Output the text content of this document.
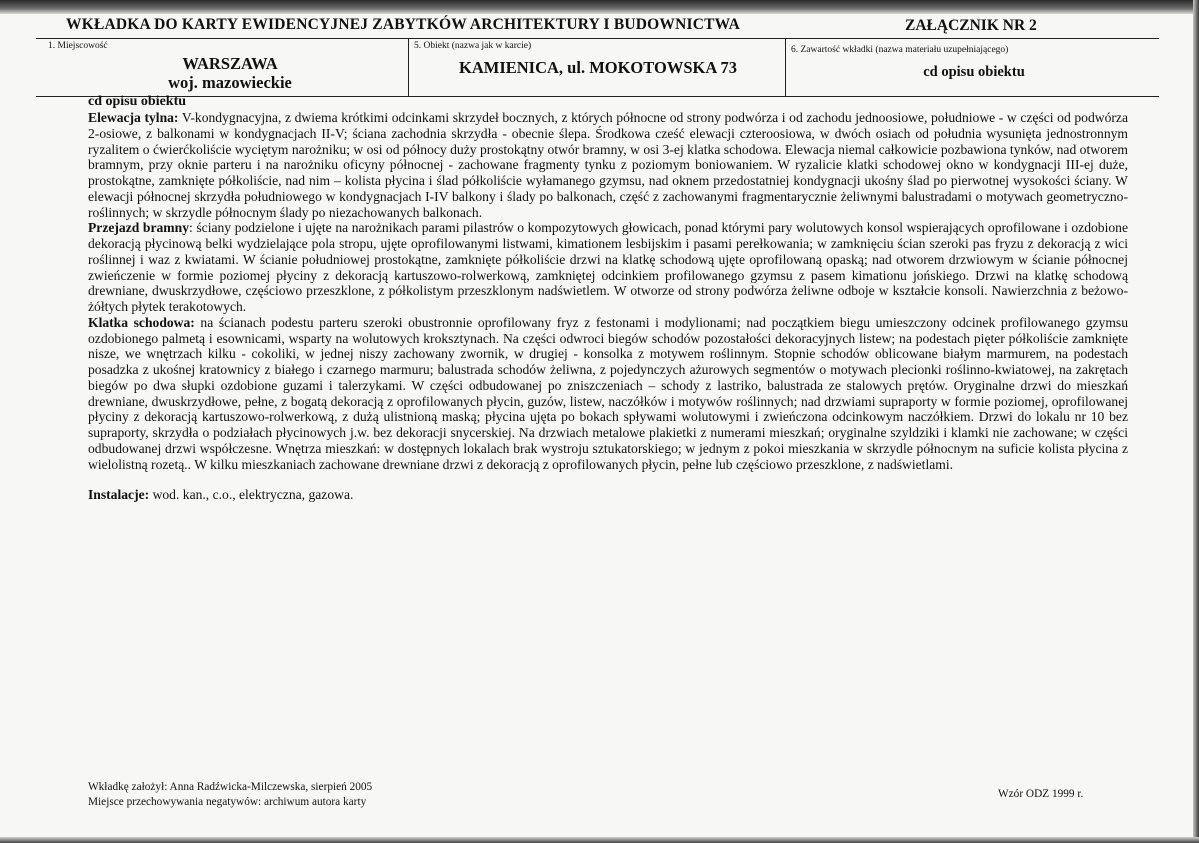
WKŁADKA DO KARTY EWIDENCYJNEJ ZABYTKÓW ARCHITEKTURY I BUDOWNICTWA	ZAŁĄCZNIK NR 2
1. Miejscowość
WARSZAWA
woj. mazowieckie
5. Obiekt (nazwa jak w karcie)
KAMIENICA, ul. MOKOTOWSKA 73
6. Zawartość wkładki (nazwa materiału uzupełniającego)
cd opisu obiektu
cd opisu obiektu

Elewacja tylna: V-kondygnacyjna, z dwiema krótkimi odcinkami skrzydeł bocznych, z których północne od strony podwórza i od zachodu jednoosiowe, południowe - w części od podwórza 2-osiowe, z balkonami w kondygnacjach II-V; ściana zachodnia skrzydła - obecnie ślepa. Środkowa cześć elewacji czteroosiowa, w dwóch osiach od południa wysunięta jednostronnym ryzalitem o ćwierćkoliście wyciętym narożniku; w osi od północy duży prostokątny otwór bramny, w osi 3-ej klatka schodowa. Elewacja niemal całkowicie pozbawiona tynków, nad otworem bramnym, przy oknie parteru i na narożniku oficyny północnej - zachowane fragmenty tynku z poziomym boniowaniem. W ryzalicie klatki schodowej okno w kondygnacji III-ej duże, prostokątne, zamknięte półkoliście, nad nim – kolista płycina i ślad półkoliście wyłamanego gzymsu, nad oknem przedostatniej kondygnacji ukośny ślad po pierwotnej wysokości ściany. W elewacji północnej skrzydła południowego w kondygnacjach I-IV balkony i ślady po balkonach, część z zachowanymi fragmentarycznie żeliwnymi balustradami o motywach geometryczno-roślinnych; w skrzydle północnym ślady po niezachowanych balkonach.

Przejazd bramny: ściany podzielone i ujęte na narożnikach parami pilastrów o kompozytowych głowicach, ponad którymi pary wolutowych konsol wspierających oprofilowane i ozdobione dekoracją płycinową belki wydzielające pola stropu, ujęte oprofilowanymi listwami, kimationem lesbijskim i pasami perełkowania; w zamknięciu ścian szeroki pas fryzu z dekoracją z wici roślinnej i waz z kwiatami. W ścianie południowej prostokątne, zamknięte półkoliście drzwi na klatkę schodową ujęte oprofilowaną opaską; nad otworem drzwiowym w ścianie północnej zwieńczenie w formie poziomej płyciny z dekoracją kartuszowo-rolwerkową, zamkniętej odcinkiem profilowanego gzymsu z pasem kimationu jońskiego. Drzwi na klatkę schodową drewniane, dwuskrzydłowe, częściowo przeszklone, z półkolistym przeszklonym nadświetlem. W otworze od strony podwórza żeliwne odboje w kształcie konsoli. Nawierzchnia z beżowo-żółtych płytek terakotowych.

Klatka schodowa: na ścianach podestu parteru szeroki obustronnie oprofilowany fryz z festonami i modylionami; nad początkiem biegu umieszczony odcinek profilowanego gzymsu ozdobionego palmetą i esownicami, wsparty na wolutowych kroksztynach. Na części odwroci biegów schodów pozostałości dekoracyjnych listew; na podestach pięter półkoliście zamknięte nisze, we wnętrzach kilku - cokoliki, w jednej niszy zachowany zwornik, w drugiej - konsolka z motywem roślinnym. Stopnie schodów oblicowane białym marmurem, na podestach posadzka z ukośnej kratownicy z białego i czarnego marmuru; balustrada schodów żeliwna, z pojedynczych ażurowych segmentów o motywach plecionki roślinno-kwiatowej, na zakrętach biegów po dwa słupki ozdobione guzami i talerzykami. W części odbudowanej po zniszczeniach – schody z lastriko, balustrada ze stalowych prętów. Oryginalne drzwi do mieszkań drewniane, dwuskrzydłowe, pełne, z bogatą dekoracją z oprofilowanych płycin, guzów, listew, naczółków i motywów roślinnych; nad drzwiami supraporty w formie poziomej, oprofilowanej płyciny z dekoracją kartuszowo-rolwerkową, z dużą ulistnioną maską; płycina ujęta po bokach spływami wolutowymi i zwieńczona odcinkowym naczółkiem. Drzwi do lokalu nr 10 bez supraporty, skrzydła o podziałach płycinowych j.w. bez dekoracji snycerskiej. Na drzwiach metalowe plakietki z numerami mieszkań; oryginalne szyldziki i klamki nie zachowane; w części odbudowanej drzwi współczesne. Wnętrza mieszkań: w dostępnych lokalach brak wystroju sztukatorskiego; w jednym z pokoi mieszkania w skrzydle północnym na suficie kolista płycina z wielolistną rozetą.. W kilku mieszkaniach zachowane drewniane drzwi z dekoracją z oprofilowanych płycin, pełne lub częściowo przeszklone, z nadświetlami.

Instalacje: wod. kan., c.o., elektryczna, gazowa.

Wkładkę założył: Anna Radźwicka-Milczewska, sierpień 2005
Miejsce przechowywania negatywów: archiwum autora karty
Wzór ODZ 1999 r.
